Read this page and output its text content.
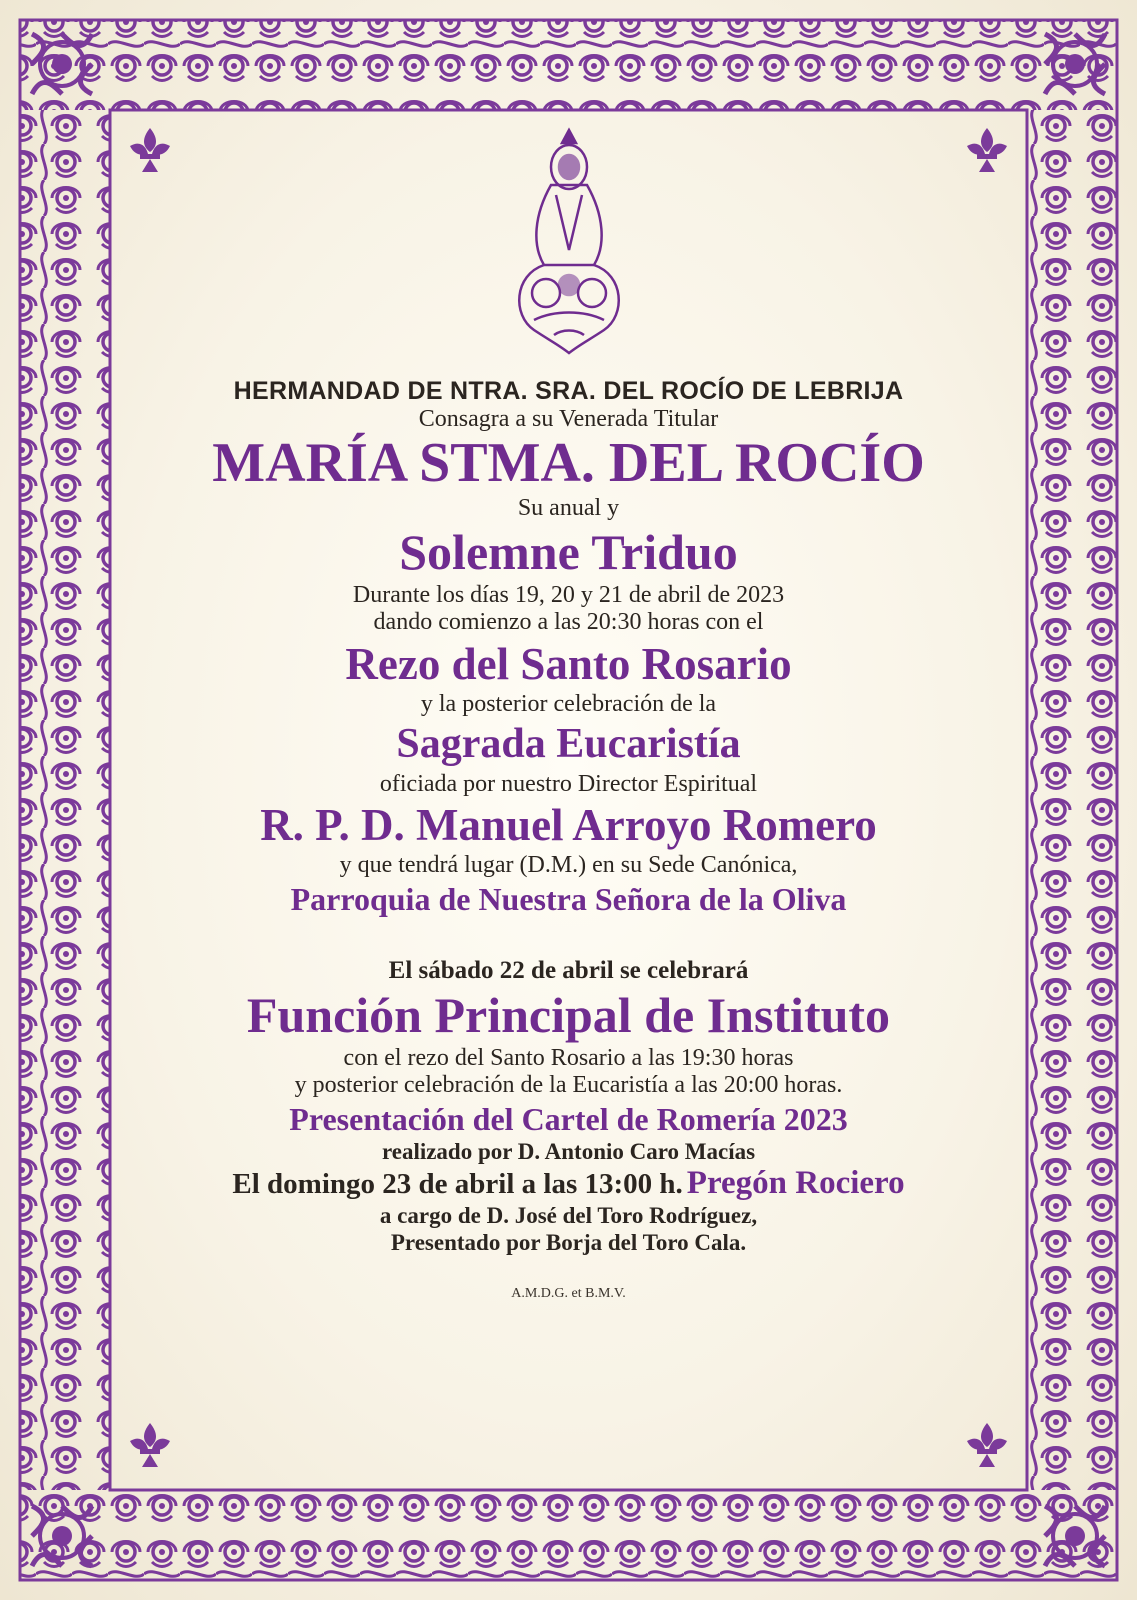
HERMANDAD DE NTRA. SRA. DEL ROCÍO DE LEBRIJA

Consagra a su Venerada Titular

MARÍA STMA. DEL ROCÍO

Su anual y

Solemne Triduo

Durante los días 19, 20 y 21 de abril de 2023

dando comienzo a las 20:30 horas con el

Rezo del Santo Rosario

y la posterior celebración de la

Sagrada Eucaristía

oficiada por nuestro Director Espiritual

R. P. D. Manuel Arroyo Romero

y que tendrá lugar (D.M.) en su Sede Canónica,

Parroquia de Nuestra Señora de la Oliva

El sábado 22 de abril se celebrará

Función Principal de Instituto

con el rezo del Santo Rosario a las 19:30 horas

y posterior celebración de la Eucaristía a las 20:00 horas.

Presentación del Cartel de Romería 2023

realizado por D. Antonio Caro Macías

El domingo 23 de abril a las 13:00 h. Pregón Rociero

a cargo de D. José del Toro Rodríguez,

Presentado por Borja del Toro Cala.

A.M.D.G. et B.M.V.
